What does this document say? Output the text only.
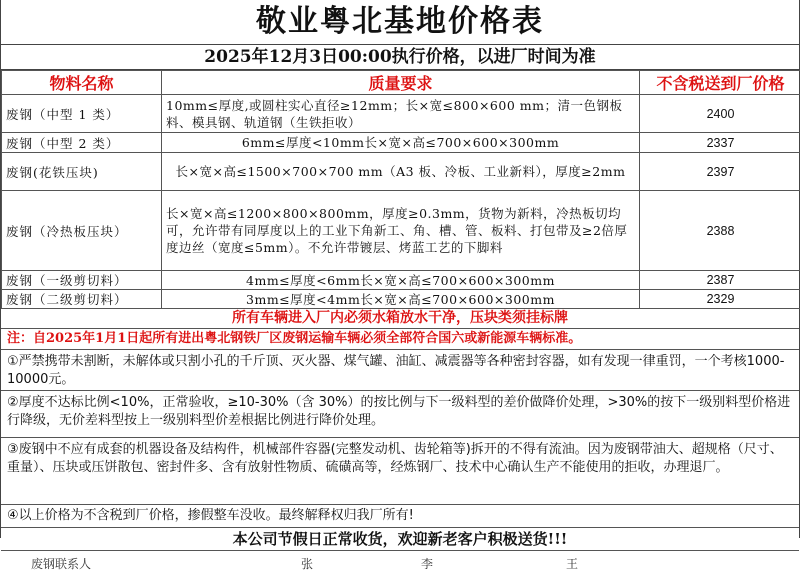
敬业粤北基地价格表
2025年12月3日00:00执行价格，以进厂时间为准
物料名称	质量要求	不含税送到厂价格
废钢（中型 1 类）	10mm≤厚度,或圆柱实心直径≥12mm；长×宽≤800×600 mm；清一色钢板料、模具钢、轨道钢（生铁拒收）	2400
废钢（中型 2 类）	6mm≤厚度<10mm长×宽×高≤700×600×300mm	2337
废钢(花铁压块)	长×宽×高≤1500×700×700 mm（A3 板、冷板、工业新料），厚度≥2mm	2397
废钢（冷热板压块）	长×宽×高≤1200×800×800mm，厚度≥0.3mm，货物为新料，冷热板切均可，允许带有同厚度以上的工业下角新工、角、槽、管、板料、打包带及≥2倍厚度边丝（宽度≤5mm）。不允许带镀层、烤蓝工艺的下脚料	2388
废钢（一级剪切料）	4mm≤厚度<6mm长×宽×高≤700×600×300mm	2387
废钢（二级剪切料）	3mm≤厚度<4mm长×宽×高≤700×600×300mm	2329
所有车辆进入厂内必须水箱放水干净，压块类须挂标牌
注：自2025年1月1日起所有进出粤北钢铁厂区废钢运输车辆必须全部符合国六或新能源车辆标准。
①严禁携带未割断，未解体或只割小孔的千斤顶、灭火器、煤气罐、油缸、减震器等各种密封容器，如有发现一律重罚，一个考核1000-10000元。
②厚度不达标比例<10%，正常验收，≥10-30%（含 30%）的按比例与下一级料型的差价做降价处理，>30%的按下一级别料型价格进行降级，无价差料型按上一级别料型价差根据比例进行降价处理。
③废钢中不应有成套的机器设备及结构件，机械部件容器(完整发动机、齿轮箱等)拆开的不得有流油。因为废钢带油大、超规格（尺寸、重量）、压块或压饼散包、密封件多、含有放射性物质、硫磺高等，经炼钢厂、技术中心确认生产不能使用的拒收，办理退厂。
④以上价格为不含税到厂价格，掺假整车没收。最终解释权归我厂所有!
本公司节假日正常收货，欢迎新老客户积极送货!!!
废钢联系人	张	李	王
